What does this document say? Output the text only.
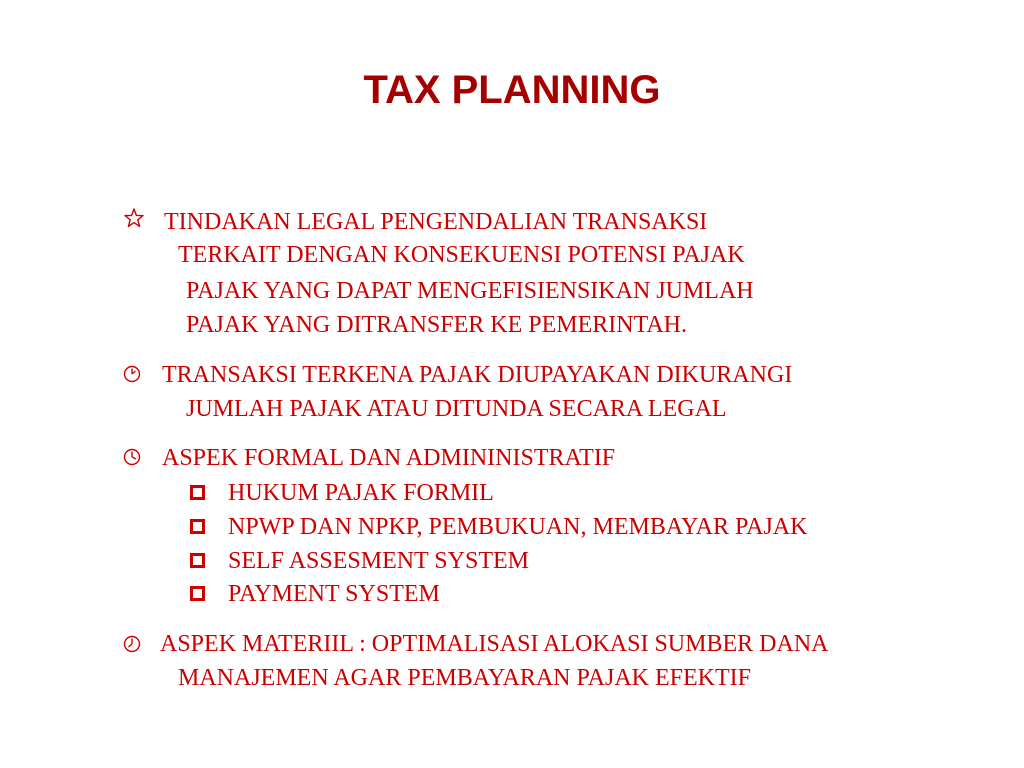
TAX PLANNING

TINDAKAN LEGAL PENGENDALIAN TRANSAKSI

TERKAIT DENGAN KONSEKUENSI POTENSI PAJAK

PAJAK YANG DAPAT MENGEFISIENSIKAN JUMLAH

PAJAK YANG DITRANSFER KE PEMERINTAH.

TRANSAKSI TERKENA PAJAK DIUPAYAKAN DIKURANGI

JUMLAH PAJAK ATAU DITUNDA SECARA LEGAL

ASPEK FORMAL DAN ADMININISTRATIF

HUKUM PAJAK FORMIL

NPWP DAN NPKP, PEMBUKUAN, MEMBAYAR PAJAK

SELF ASSESMENT SYSTEM

PAYMENT SYSTEM

ASPEK MATERIIL : OPTIMALISASI ALOKASI SUMBER DANA

MANAJEMEN AGAR PEMBAYARAN PAJAK EFEKTIF
